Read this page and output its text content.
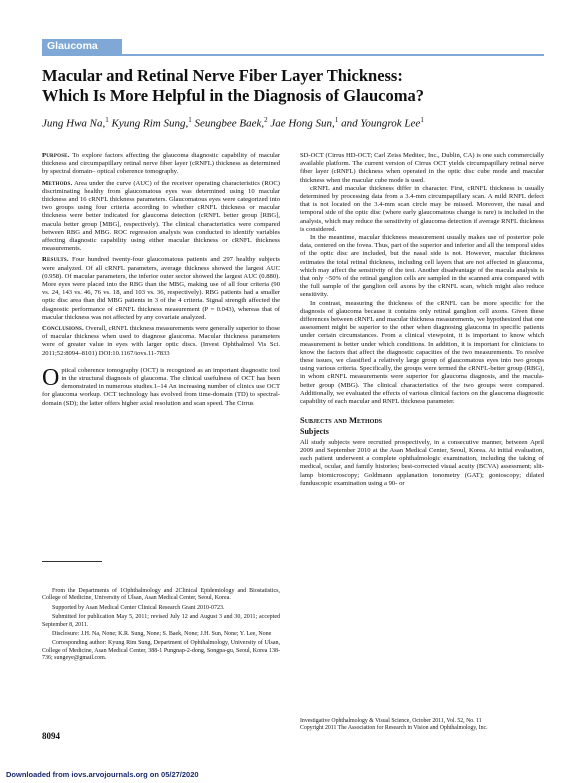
Glaucoma
Macular and Retinal Nerve Fiber Layer Thickness:
Which Is More Helpful in the Diagnosis of Glaucoma?
Jung Hwa Na,$^1$ Kyung Rim Sung,$^1$ Seungbee Baek,$^2$ Jae Hong Sun,$^1$ and Youngrok Lee$^1$

Purpose. To explore factors affecting the glaucoma diagnostic capability of macular thickness and circumpapillary retinal nerve fiber layer (cRNFL) thickness as determined by spectral domain– optical coherence tomography.

Methods. Area under the curve (AUC) of the receiver operating characteristics (ROC) discriminating healthy from glaucomatous eyes was determined using 10 macular thickness and 16 cRNFL thickness parameters. Glaucomatous eyes were categorized into two groups using four criteria according to whether cRNFL thickness or macular thickness were better indicated for glaucoma detection (cRNFL better group [RBG], macula better group [MBG], respectively). The clinical characteristics were compared between RBG and MBG. ROC regression analysis was conducted to identify variables affecting diagnostic capability using either macular thickness or cRNFL thickness measurements.

Results. Four hundred twenty-four glaucomatous patients and 297 healthy subjects were analyzed. Of all cRNFL parameters, average thickness showed the largest AUC (0.958). Of macular parameters, the inferior outer sector showed the largest AUC (0.880). More eyes were placed into the RBG than the MBG, making use of all four criteria (90 vs. 24, 143 vs. 46, 76 vs. 18, and 103 vs. 36, respectively). RBG patients had a smaller optic disc area than did MBG patients in 3 of the 4 criteria. Signal strength affected the diagnostic performance of cRNFL thickness measurement (P = 0.043), whereas that of macular thickness was not affected by any covariate analyzed.

Conclusions. Overall, cRNFL thickness measurements were generally superior to those of macular thickness when used to diagnose glaucoma. Macular thickness parameters were of greater value in eyes with larger optic discs. (Invest Ophthalmol Vis Sci. 2011;52:8094–8101) DOI:10.1167/iovs.11-7833

Optical coherence tomography (OCT) is recognized as an important diagnostic tool in the structural diagnosis of glaucoma. The clinical usefulness of OCT has been demonstrated in numerous studies.1–14 An increasing number of clinics use OCT for glaucoma workup. OCT technology has evolved from time-domain (TD) to spectral-domain (SD); the latter offers higher axial resolution and scan speed. The Cirrus

From the Departments of 1Ophthalmology and 2Clinical Epidemiology and Biostatistics, College of Medicine, University of Ulsan, Asan Medical Center, Seoul, Korea.

Supported by Asan Medical Center Clinical Research Grant 2010-0723.

Submitted for publication May 5, 2011; revised July 12 and August 3 and 30, 2011; accepted September 8, 2011.

Disclosure: J.H. Na, None; K.R. Sung, None; S. Baek, None; J.H. Sun, None; Y. Lee, None

Corresponding author: Kyung Rim Sung, Department of Ophthalmology, University of Ulsan, College of Medicine, Asan Medical Center, 388-1 Pungnap-2-dong, Songpa-gu, Seoul, Korea 138-736; sungeye@gmail.com.

SD-OCT (Cirrus HD-OCT; Carl Zeiss Meditec, Inc., Dublin, CA) is one such commercially available platform. The current version of Cirrus OCT yields circumpapillary retinal nerve fiber layer (cRNFL) thickness when operated in the optic disc cube mode and macular thickness when the macular cube mode is used.

cRNFL and macular thickness differ in character. First, cRNFL thickness is usually determined by processing data from a 3.4-mm circumpapillary scan. A mild RNFL defect that is not located on the 3.4-mm scan circle may be missed. Moreover, the nasal and temporal side of the optic disc (where early glaucomatous change is rare) is included in the analysis, which may reduce the sensitivity of glaucoma detection if average RNFL thickness is considered.

In the meantime, macular thickness measurement usually makes use of posterior pole data, centered on the fovea. Thus, part of the superior and inferior and all the temporal sides of the optic disc are included, but the nasal side is not. However, macular thickness estimates the total retinal thickness, including cell layers that are not affected in glaucoma, which may affect the sensitivity of the test. Another disadvantage of the macula analysis is that only ~50% of the retinal ganglion cells are sampled in the scanned area compared with the full sample of the ganglion cell axons by the cRNFL scan, which might also reduce sensitivity.

In contrast, measuring the thickness of the cRNFL can be more specific for the diagnosis of glaucoma because it contains only retinal ganglion cell axons. Given these differences between cRNFL and macular thickness measurements, we hypothesized that one assessment might be superior to the other when diagnosing glaucoma in specific patients under certain circumstances. From a clinical viewpoint, it is important to know which measurement is better under which conditions. In addition, it is important for clinicians to know the factors that affect the diagnostic capacities of the two measurements. To resolve these issues, we classified a relatively large group of glaucomatous eyes into two groups using various criteria. Specifically, the groups were termed the cRNFL-better group (RBG), in whom cRNFL measurements were superior for glaucoma diagnosis, and the macula-better group (MBG). The clinical characteristics of the two groups were compared. Additionally, we evaluated the effects of various clinical factors on the glaucoma diagnostic capability of each macular and RNFL thickness parameter.

Subjects and Methods
Subjects

All study subjects were recruited prospectively, in a consecutive manner, between April 2009 and September 2010 at the Asan Medical Center, Seoul, Korea. At initial evaluation, each patient underwent a complete ophthalmologic examination, including the taking of medical, ocular, and family histories; best-corrected visual acuity (BCVA) assessment; slit-lamp biomicroscopy; Goldmann applanation tonometry (GAT); gonioscopy; dilated funduscopic examination using a 90- or

8094
Investigative Ophthalmology & Visual Science, October 2011, Vol. 52, No. 11
Copyright 2011 The Association for Research in Vision and Ophthalmology, Inc.
Downloaded from iovs.arvojournals.org on 05/27/2020
